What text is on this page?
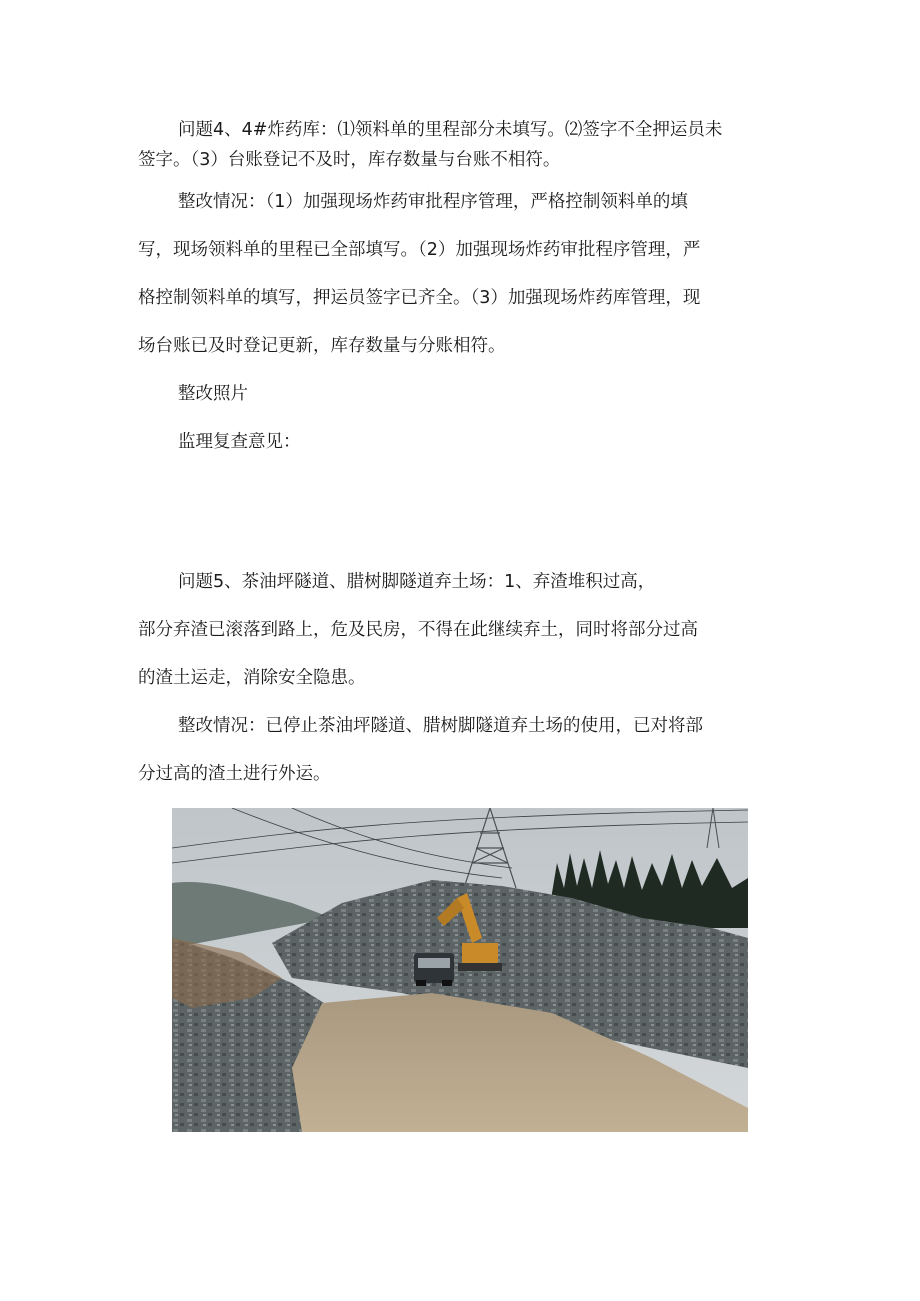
问题4、4#炸药库：⑴领料单的里程部分未填写。⑵签字不全押运员未
签字。（3）台账登记不及时，库存数量与台账不相符。
整改情况：（1）加强现场炸药审批程序管理，严格控制领料单的填
写，现场领料单的里程已全部填写。（2）加强现场炸药审批程序管理，严
格控制领料单的填写，押运员签字已齐全。（3）加强现场炸药库管理，现
场台账已及时登记更新，库存数量与分账相符。
整改照片
监理复查意见：
问题5、茶油坪隧道、腊树脚隧道弃土场：1、弃渣堆积过高，
部分弃渣已滚落到路上，危及民房，不得在此继续弃土，同时将部分过高
的渣土运走，消除安全隐患。
整改情况：已停止茶油坪隧道、腊树脚隧道弃土场的使用，已对将部
分过高的渣土进行外运。
